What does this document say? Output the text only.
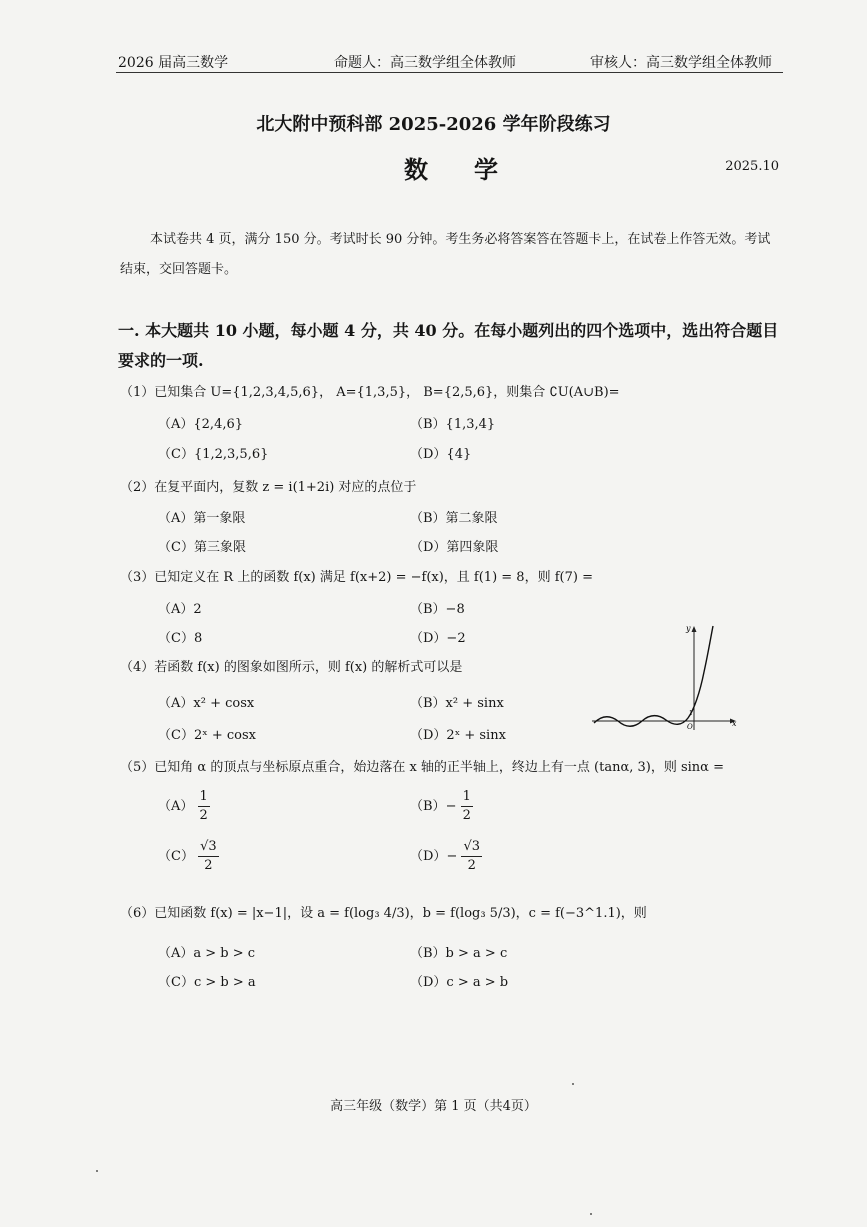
2026 届高三数学	命题人：高三数学组全体教师	审核人：高三数学组全体教师
北大附中预科部 2025-2026 学年阶段练习
数学	2025.10
本试卷共 4 页，满分 150 分。考试时长 90 分钟。考生务必将答案答在答题卡上，在试卷上作答无效。考试结束，交回答题卡。
一. 本大题共 10 小题，每小题 4 分，共 40 分。在每小题列出的四个选项中，选出符合题目要求的一项.
（1）已知集合 U={1,2,3,4,5,6}， A={1,3,5}， B={2,5,6}，则集合 ∁U(A∪B)=
（A）{2,4,6}	（B）{1,3,4}
（C）{1,2,3,5,6}	（D）{4}
（2）在复平面内，复数 z = i(1+2i) 对应的点位于
（A）第一象限	（B）第二象限
（C）第三象限	（D）第四象限
（3）已知定义在 R 上的函数 f(x) 满足 f(x+2) = −f(x)，且 f(1) = 8，则 f(7) =
（A）2	（B）−8
（C）8	（D）−2
（4）若函数 f(x) 的图象如图所示，则 f(x) 的解析式可以是
（A）x² + cosx	（B）x² + sinx
（C）2ˣ + cosx	（D）2ˣ + sinx
x
y
O
1
（5）已知角 α 的顶点与坐标原点重合，始边落在 x 轴的正半轴上，终边上有一点 (tanα, 3)，则 sinα =
$(A) \frac{1}{2}$	$(B)- \frac{1}{2}$
$(C) \frac{√3}{2}$	$(D)- \frac{√3}{2}$
（6）已知函数 f(x) = |x−1|，设 a = f(log₃ 4/3)，b = f(log₃ 5/3)，c = f(−3^1.1)，则
（A）a > b > c	（B）b > a > c
（C）c > b > a	（D）c > a > b
高三年级（数学）第 1 页（共4页）
